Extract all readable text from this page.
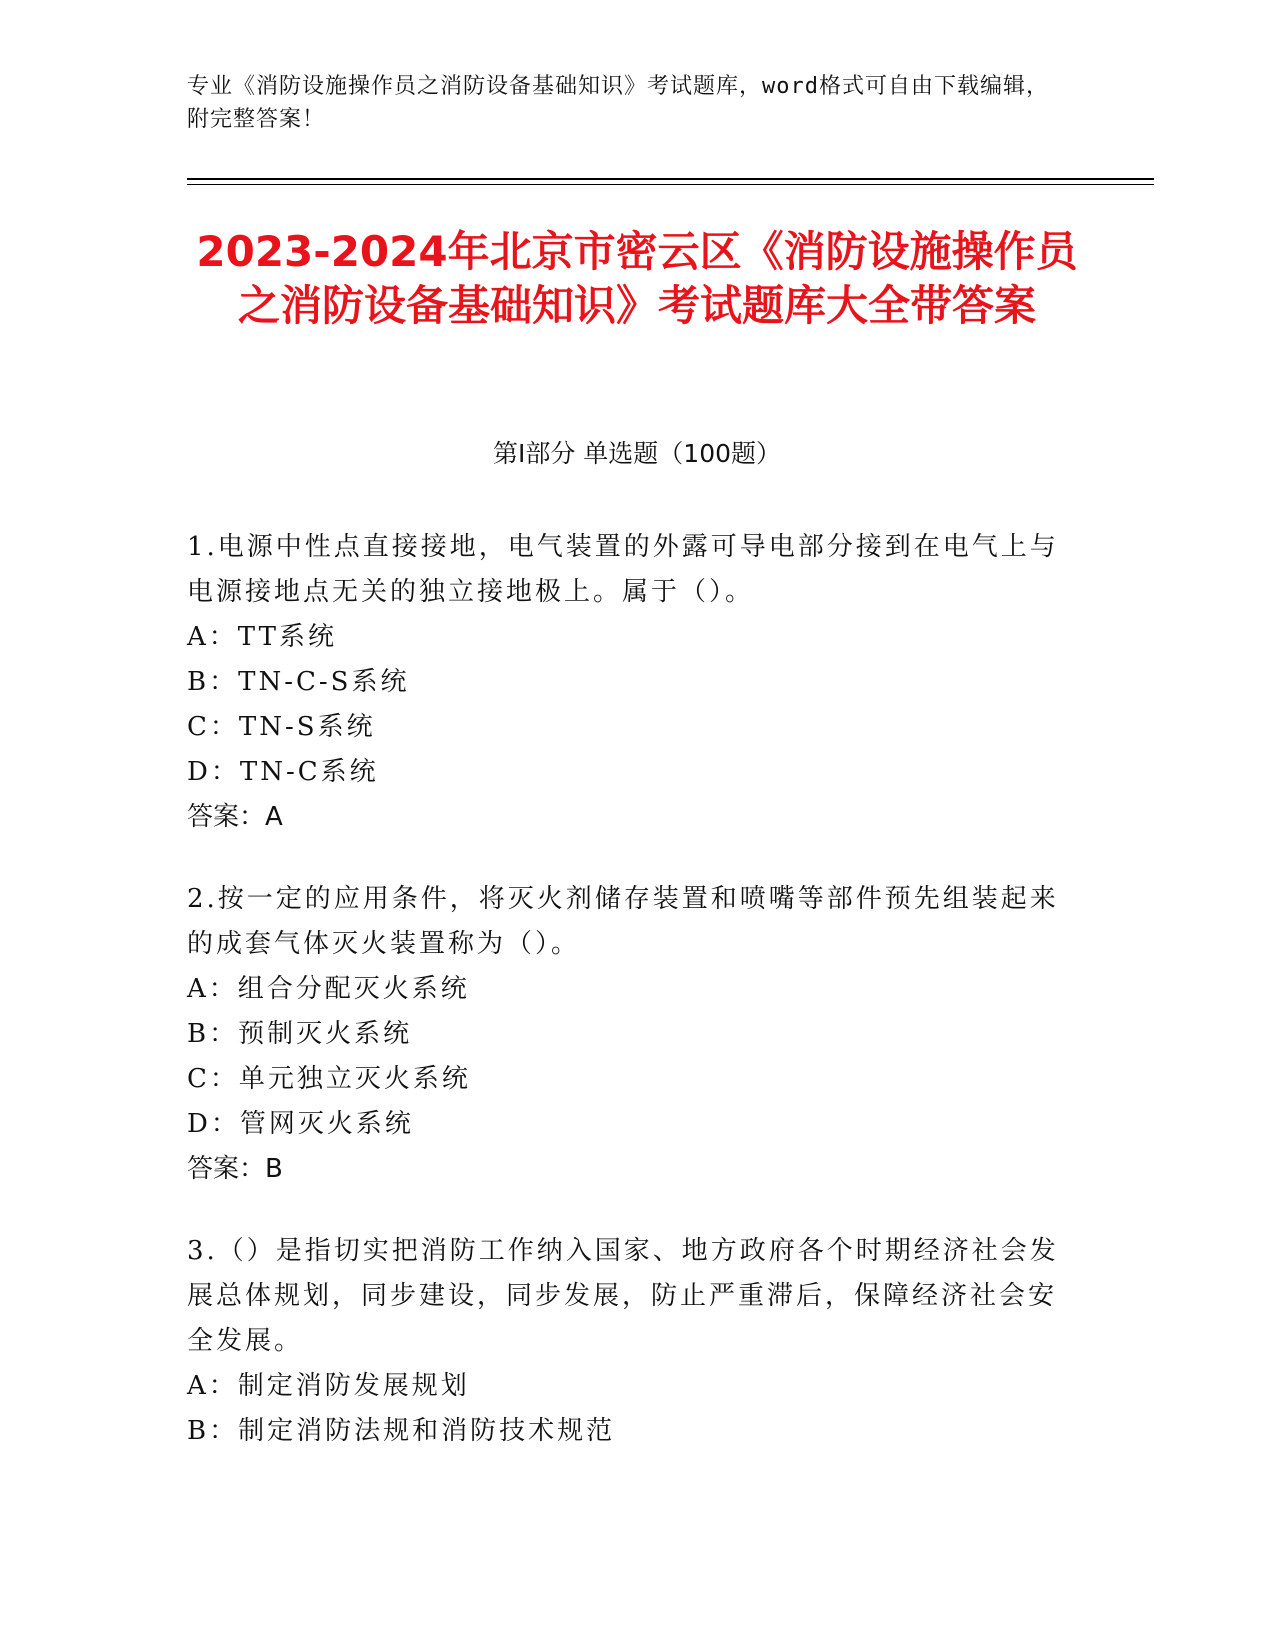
专业《消防设施操作员之消防设备基础知识》考试题库，word格式可自由下载编辑，附完整答案！
2023-2024年北京市密云区《消防设施操作员之消防设备基础知识》考试题库大全带答案
第I部分 单选题（100题）

1.电源中性点直接接地，电气装置的外露可导电部分接到在电气上与电源接地点无关的独立接地极上。属于（）。

A：TT系统

B：TN-C-S系统

C：TN-S系统

D：TN-C系统

答案：A

2.按一定的应用条件，将灭火剂储存装置和喷嘴等部件预先组装起来的成套气体灭火装置称为（）。

A：组合分配灭火系统

B：预制灭火系统

C：单元独立灭火系统

D：管网灭火系统

答案：B

3.（）是指切实把消防工作纳入国家、地方政府各个时期经济社会发展总体规划，同步建设，同步发展，防止严重滞后，保障经济社会安全发展。

A：制定消防发展规划

B：制定消防法规和消防技术规范
